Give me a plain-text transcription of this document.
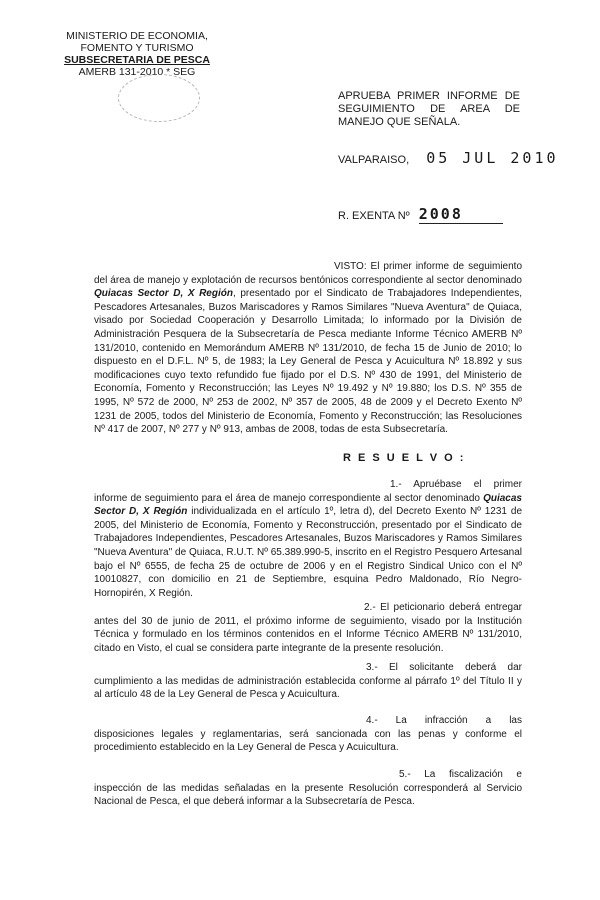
MINISTERIO DE ECONOMIA,
FOMENTO Y TURISMO
SUBSECRETARIA DE PESCA
AMERB 131-2010 * SEG
APRUEBA PRIMER INFORME DE SEGUIMIENTO DE AREA DE MANEJO QUE SEÑALA.
VALPARAISO, 05 JUL 2010
R. EXENTA Nº 2008
VISTO: El primer informe de seguimiento del área de manejo y explotación de recursos bentónicos correspondiente al sector denominado Quiacas Sector D, X Región, presentado por el Sindicato de Trabajadores Independientes, Pescadores Artesanales, Buzos Mariscadores y Ramos Similares "Nueva Aventura" de Quiaca, visado por Sociedad Cooperación y Desarrollo Limitada; lo informado por la División de Administración Pesquera de la Subsecretaría de Pesca mediante Informe Técnico AMERB Nº 131/2010, contenido en Memorándum AMERB Nº 131/2010, de fecha 15 de Junio de 2010; lo dispuesto en el D.F.L. Nº 5, de 1983; la Ley General de Pesca y Acuicultura Nº 18.892 y sus modificaciones cuyo texto refundido fue fijado por el D.S. Nº 430 de 1991, del Ministerio de Economía, Fomento y Reconstrucción; las Leyes Nº 19.492 y Nº 19.880; los D.S. Nº 355 de 1995, Nº 572 de 2000, Nº 253 de 2002, Nº 357 de 2005, 48 de 2009 y el Decreto Exento Nº 1231 de 2005, todos del Ministerio de Economía, Fomento y Reconstrucción; las Resoluciones Nº 417 de 2007, Nº 277 y Nº 913, ambas de 2008, todas de esta Subsecretaría.
R E S U E L V O :
1.- Apruébase el primer informe de seguimiento para el área de manejo correspondiente al sector denominado Quiacas Sector D, X Región individualizada en el artículo 1º, letra d), del Decreto Exento Nº 1231 de 2005, del Ministerio de Economía, Fomento y Reconstrucción, presentado por el Sindicato de Trabajadores Independientes, Pescadores Artesanales, Buzos Mariscadores y Ramos Similares "Nueva Aventura" de Quiaca, R.U.T. Nº 65.389.990-5, inscrito en el Registro Pesquero Artesanal bajo el Nº 6555, de fecha 25 de octubre de 2006 y en el Registro Sindical Unico con el Nº 10010827, con domicilio en 21 de Septiembre, esquina Pedro Maldonado, Río Negro-Hornopirén, X Región.
2.- El peticionario deberá entregar antes del 30 de junio de 2011, el próximo informe de seguimiento, visado por la Institución Técnica y formulado en los términos contenidos en el Informe Técnico AMERB Nº 131/2010, citado en Visto, el cual se considera parte integrante de la presente resolución.
3.- El solicitante deberá dar cumplimiento a las medidas de administración establecida conforme al párrafo 1º del Título II y al artículo 48 de la Ley General de Pesca y Acuicultura.
4.- La infracción a las disposiciones legales y reglamentarias, será sancionada con las penas y conforme el procedimiento establecido en la Ley General de Pesca y Acuicultura.
5.- La fiscalización e inspección de las medidas señaladas en la presente Resolución corresponderá al Servicio Nacional de Pesca, el que deberá informar a la Subsecretaría de Pesca.
